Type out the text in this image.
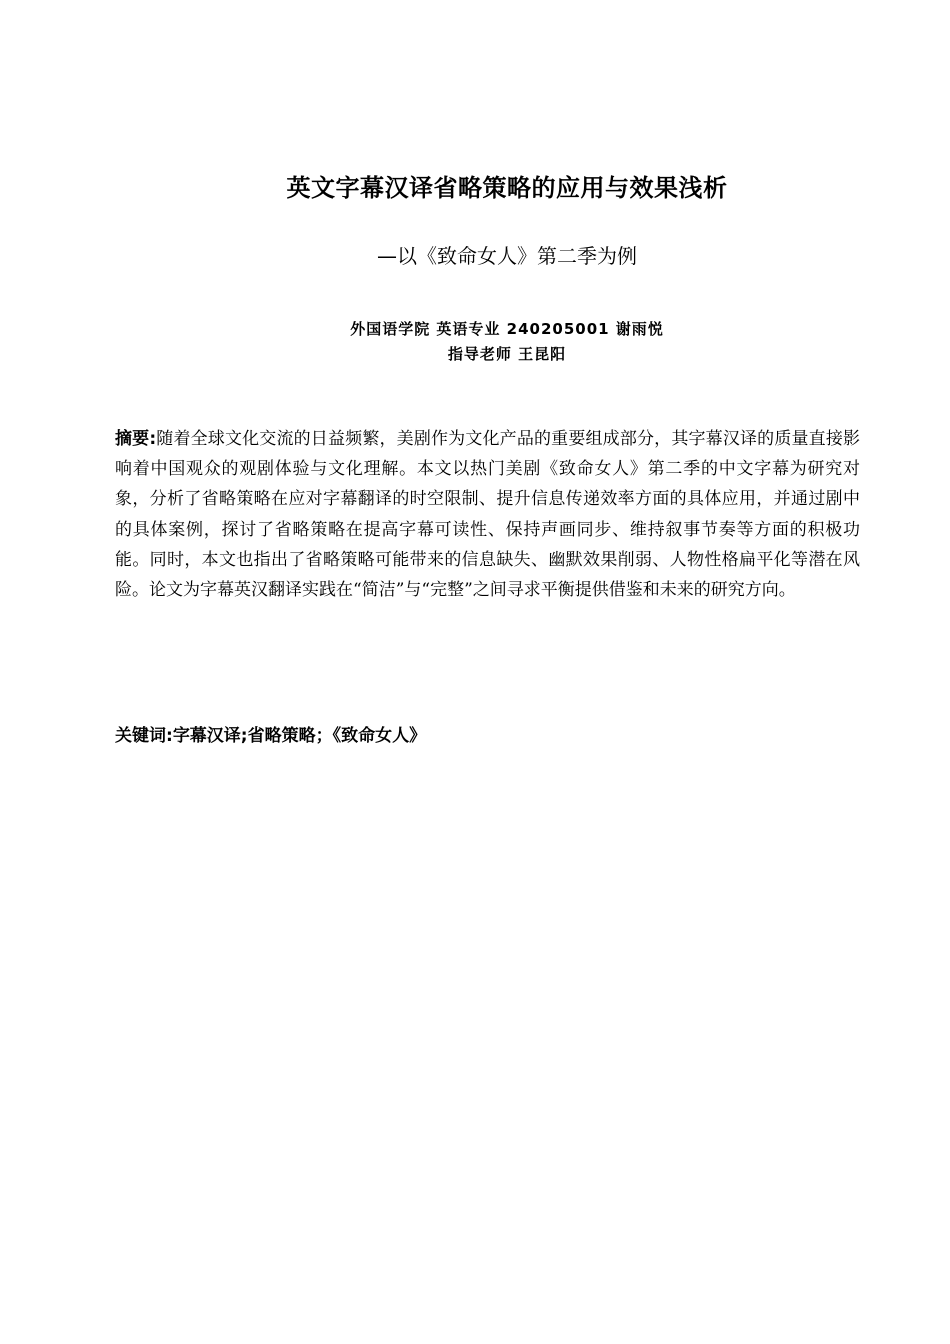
英文字幕汉译省略策略的应用与效果浅析
—以《致命女人》第二季为例
外国语学院 英语专业 240205001 谢雨悦
指导老师 王昆阳
摘要:随着全球文化交流的日益频繁，美剧作为文化产品的重要组成部分，其字幕汉译的质量直接影响着中国观众的观剧体验与文化理解。本文以热门美剧《致命女人》第二季的中文字幕为研究对象，分析了省略策略在应对字幕翻译的时空限制、提升信息传递效率方面的具体应用，并通过剧中的具体案例，探讨了省略策略在提高字幕可读性、保持声画同步、维持叙事节奏等方面的积极功能。同时，本文也指出了省略策略可能带来的信息缺失、幽默效果削弱、人物性格扁平化等潜在风险。论文为字幕英汉翻译实践在“简洁”与“完整”之间寻求平衡提供借鉴和未来的研究方向。
关键词:字幕汉译;省略策略；《致命女人》
